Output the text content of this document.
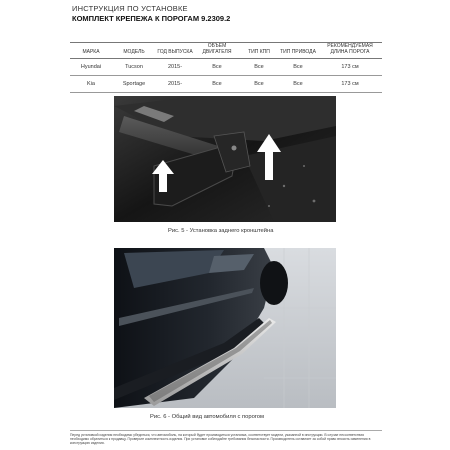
ИНСТРУКЦИЯ ПО УСТАНОВКЕ
КОМПЛЕКТ КРЕПЕЖА К ПОРОГАМ 9.2309.2
МАРКА	МОДЕЛЬ	ГОД ВЫПУСКА	ОБЪЕМ ДВИГАТЕЛЯ	ТИП КПП	ТИП ПРИВОДА	РЕКОМЕНДУЕМАЯ ДЛИНА ПОРОГА
Hyundai	Tucson	2015-	Все	Все	Все	173 см
Kia	Sportage	2015-	Все	Все	Все	173 см
Рис. 5 - Установка заднего кронштейна
Рис. 6 - Общий вид автомобиля с порогом
Перед установкой изделия необходимо убедиться, что автомобиль, на который будет производиться установка, соответствует модели, указанной в инструкции. В случае несоответствия необходимо обратиться к продавцу. Проверьте комплектность изделия. При установке соблюдайте требования безопасности. Производитель оставляет за собой право вносить изменения в конструкцию изделия.
